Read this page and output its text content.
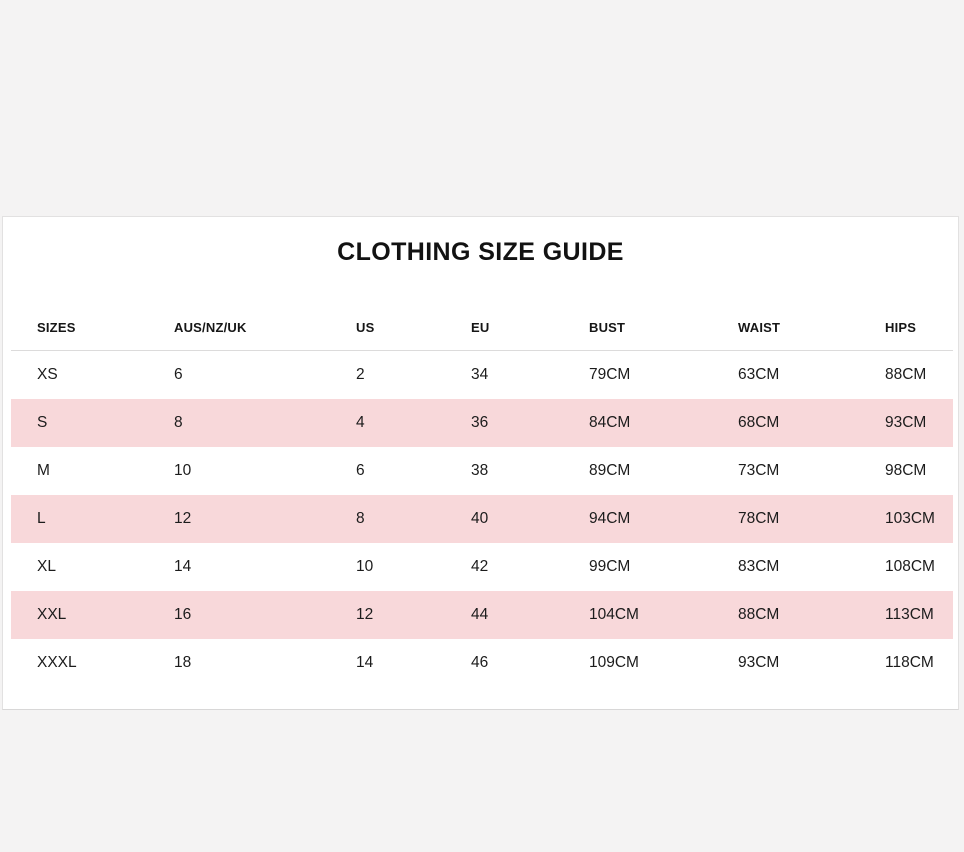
CLOTHING SIZE GUIDE
SIZES	AUS/NZ/UK	US	EU	BUST	WAIST	HIPS
XS	6	2	34	79CM	63CM	88CM
S	8	4	36	84CM	68CM	93CM
M	10	6	38	89CM	73CM	98CM
L	12	8	40	94CM	78CM	103CM
XL	14	10	42	99CM	83CM	108CM
XXL	16	12	44	104CM	88CM	113CM
XXXL	18	14	46	109CM	93CM	118CM
